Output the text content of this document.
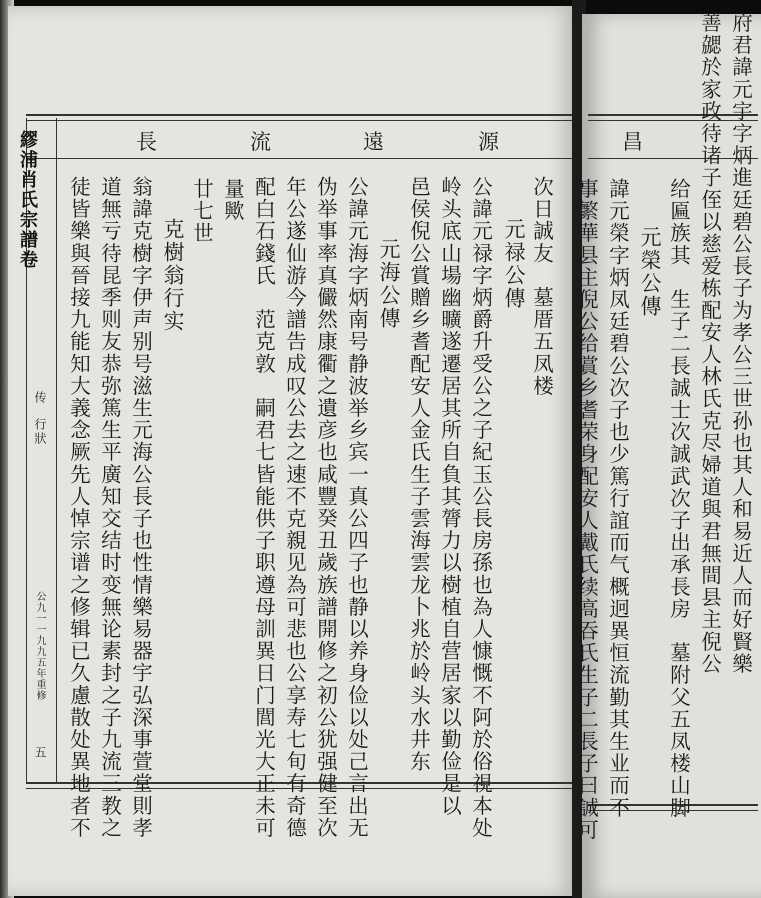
長	流	遠	源
传
行狀
公九一一九九五年重修
五
次日誠友　墓厝五凤楼
元禄公傳
公諱元禄字炳爵升受公之子紀玉公長房孫也為人慷慨不阿於俗視本处
岭头底山場幽曠遂遷居其所自負其膂力以樹植自营居家以勤俭是以
邑侯倪公賞贈乡耆配安人金氏生子雲海雲龙卜兆於岭头水井东
元海公傳
公諱元海字炳南号静波举乡宾一真公四子也静以养身俭以处己言出无
伪举事率真儼然康衢之遺彦也咸豐癸丑歲族譜開修之初公犹强健至次
年公遂仙游今譜告成叹公去之速不克親见為可悲也公享寿七旬有奇德
配白石錢氏　范克敦　嗣君七皆能供子职遵母訓異日门閭光大正未可
量歟
廿七世
克樹翁行实
翁諱克樹字伊声别号滋生元海公長子也性情樂易器宇弘深事萱堂則孝
道無亏待昆季则友恭弥篤生平廣知交结时变無论素封之子九流三教之
徒皆樂與晉接九能知大義念厥先人悼宗谱之修辑已久慮散处異地者不
繆浦肖氏宗譜卷	昌	府君諱元宇字炳進廷碧公長子为孝公三世孙也其人和易近人而好賢樂
善勰於家政待诸子侄以慈爱栋配安人林氏克尽婦道與君無間县主倪公
给匾族其　生子二長誠士次誠武次子出承長房　墓附父五凤楼山脚
元榮公傳
諱元榮字炳凤廷碧公次子也少篤行誼而气概迥異恒流勤其生业而不
事繁華县主倪公给賞乡耆荣身配安人戴氏续高吞氏生子二長子曰誠可
